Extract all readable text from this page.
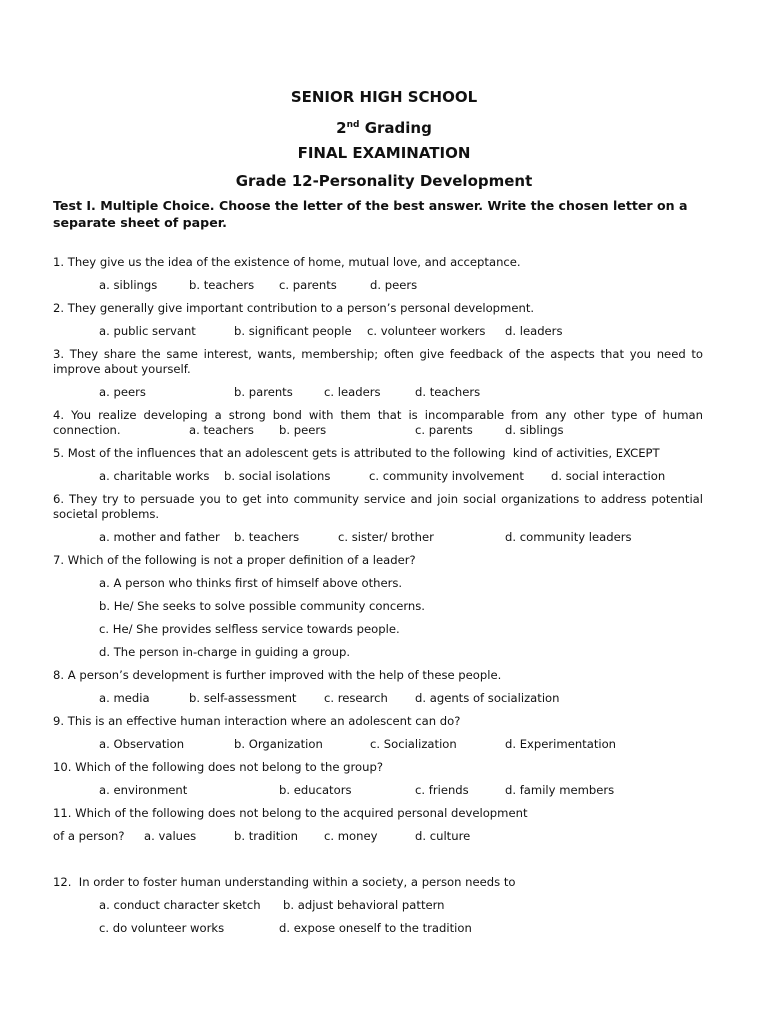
SENIOR HIGH SCHOOL
2nd Grading
FINAL EXAMINATION
Grade 12-Personality Development
Test I. Multiple Choice. Choose the letter of the best answer. Write the chosen letter on a separate sheet of paper.
1. They give us the idea of the existence of home, mutual love, and acceptance.
a. siblings	b. teachers c. parents	d. peers
2. They generally give important contribution to a person’s personal development.
a. public servant	b. significant people c. volunteer workers d. leaders
3. They share the same interest, wants, membership; often give feedback of the aspects that you need to improve about yourself.
a. peers	b. parents	c. leaders	d. teachers
4. You realize developing a strong bond with them that is incomparable from any other type of human
connection.	a. teachers b. peers	c. parents	d. siblings
5. Most of the influences that an adolescent gets is attributed to the following  kind of activities, EXCEPT
a. charitable works b. social isolations	c. community involvement d. social interaction
6. They try to persuade you to get into community service and join social organizations to address potential societal problems.
a. mother and father b. teachers	c. sister/ brother	d. community leaders
7. Which of the following is not a proper definition of a leader?
a. A person who thinks first of himself above others.
b. He/ She seeks to solve possible community concerns.
c. He/ She provides selfless service towards people.
d. The person in-charge in guiding a group.
8. A person’s development is further improved with the help of these people.
a. media	b. self-assessment c. research d. agents of socialization
9. This is an effective human interaction where an adolescent can do?
a. Observation	b. Organization	c. Socialization	d. Experimentation
10. Which of the following does not belong to the group?
a. environment	b. educators	c. friends	d. family members
11. Which of the following does not belong to the acquired personal development
of a person? a. values	b. tradition c. money	d. culture
12.  In order to foster human understanding within a society, a person needs to
a. conduct character sketch b. adjust behavioral pattern
c. do volunteer works	d. expose oneself to the tradition
